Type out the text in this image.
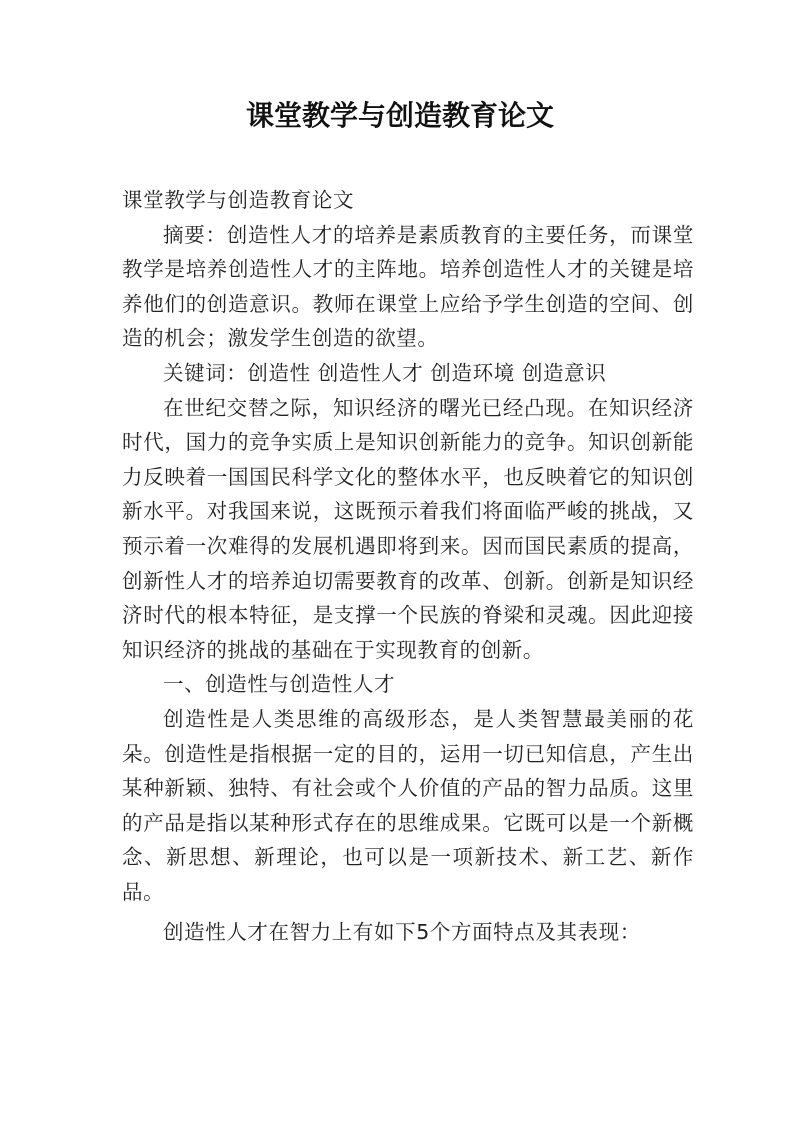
课堂教学与创造教育论文

课堂教学与创造教育论文

摘要：创造性人才的培养是素质教育的主要任务，而课堂教学是培养创造性人才的主阵地。培养创造性人才的关键是培养他们的创造意识。教师在课堂上应给予学生创造的空间、创造的机会；激发学生创造的欲望。

关键词：创造性 创造性人才 创造环境 创造意识

在世纪交替之际，知识经济的曙光已经凸现。在知识经济时代，国力的竞争实质上是知识创新能力的竞争。知识创新能力反映着一国国民科学文化的整体水平，也反映着它的知识创新水平。对我国来说，这既预示着我们将面临严峻的挑战，又预示着一次难得的发展机遇即将到来。因而国民素质的提高，创新性人才的培养迫切需要教育的改革、创新。创新是知识经济时代的根本特征，是支撑一个民族的脊梁和灵魂。因此迎接知识经济的挑战的基础在于实现教育的创新。

一、创造性与创造性人才

创造性是人类思维的高级形态，是人类智慧最美丽的花朵。创造性是指根据一定的目的，运用一切已知信息，产生出某种新颖、独特、有社会或个人价值的产品的智力品质。这里的产品是指以某种形式存在的思维成果。它既可以是一个新概念、新思想、新理论，也可以是一项新技术、新工艺、新作品。

创造性人才在智力上有如下5个方面特点及其表现：
